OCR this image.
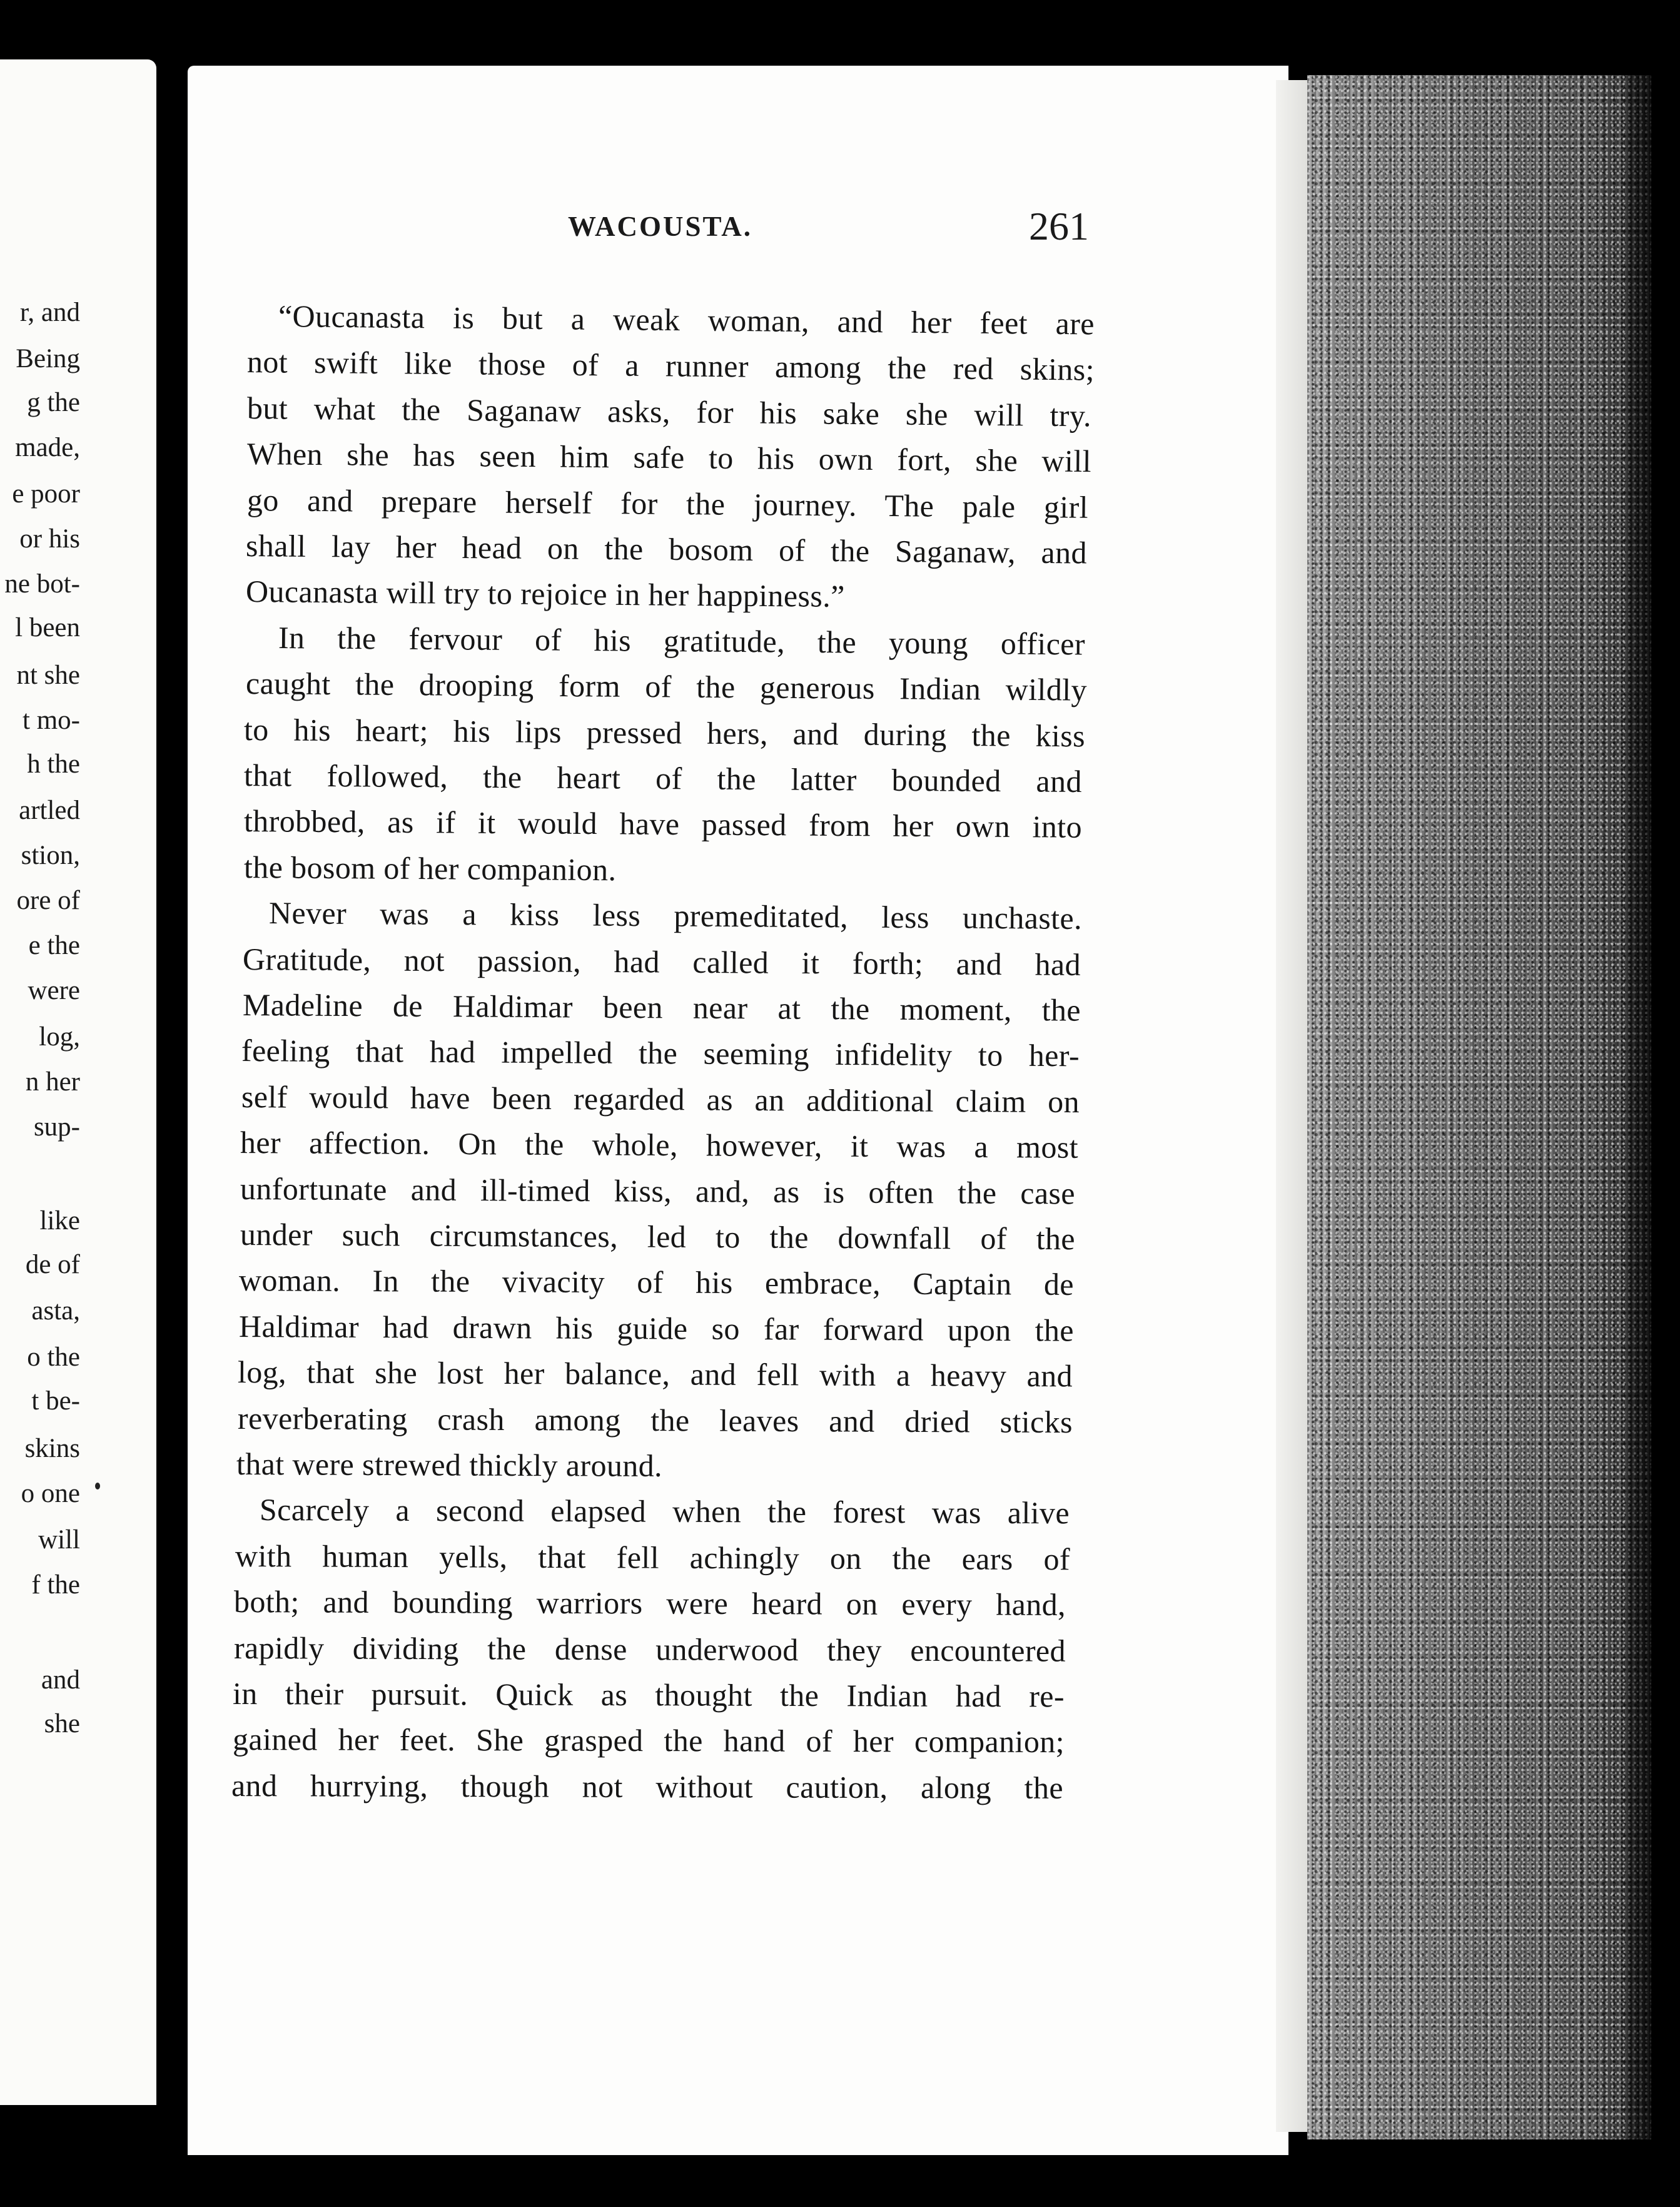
r, and
Being
g the
made,
e poor
or his
ne bot-
l been
nt she
t mo-
h the
artled
stion,
ore of
e the
were
log,
n her
sup-
like
de of
asta,
o the
t be-
skins
o one
will
f the
and
she
WACOUSTA.	261
“Oucanasta is but a weak woman, and her feet are
not swift like those of a runner among the red skins;
but what the Saganaw asks, for his sake she will try.
When she has seen him safe to his own fort, she will
go and prepare herself for the journey. The pale girl
shall lay her head on the bosom of the Saganaw, and
Oucanasta will try to rejoice in her happiness.”
In the fervour of his gratitude, the young officer
caught the drooping form of the generous Indian wildly
to his heart; his lips pressed hers, and during the kiss
that followed, the heart of the latter bounded and
throbbed, as if it would have passed from her own into
the bosom of her companion.
Never was a kiss less premeditated, less unchaste.
Gratitude, not passion, had called it forth; and had
Madeline de Haldimar been near at the moment, the
feeling that had impelled the seeming infidelity to her-
self would have been regarded as an additional claim on
her affection. On the whole, however, it was a most
unfortunate and ill-timed kiss, and, as is often the case
under such circumstances, led to the downfall of the
woman. In the vivacity of his embrace, Captain de
Haldimar had drawn his guide so far forward upon the
log, that she lost her balance, and fell with a heavy and
reverberating crash among the leaves and dried sticks
that were strewed thickly around.
Scarcely a second elapsed when the forest was alive
with human yells, that fell achingly on the ears of
both; and bounding warriors were heard on every hand,
rapidly dividing the dense underwood they encountered
in their pursuit. Quick as thought the Indian had re-
gained her feet. She grasped the hand of her companion;
and hurrying, though not without caution, along the
